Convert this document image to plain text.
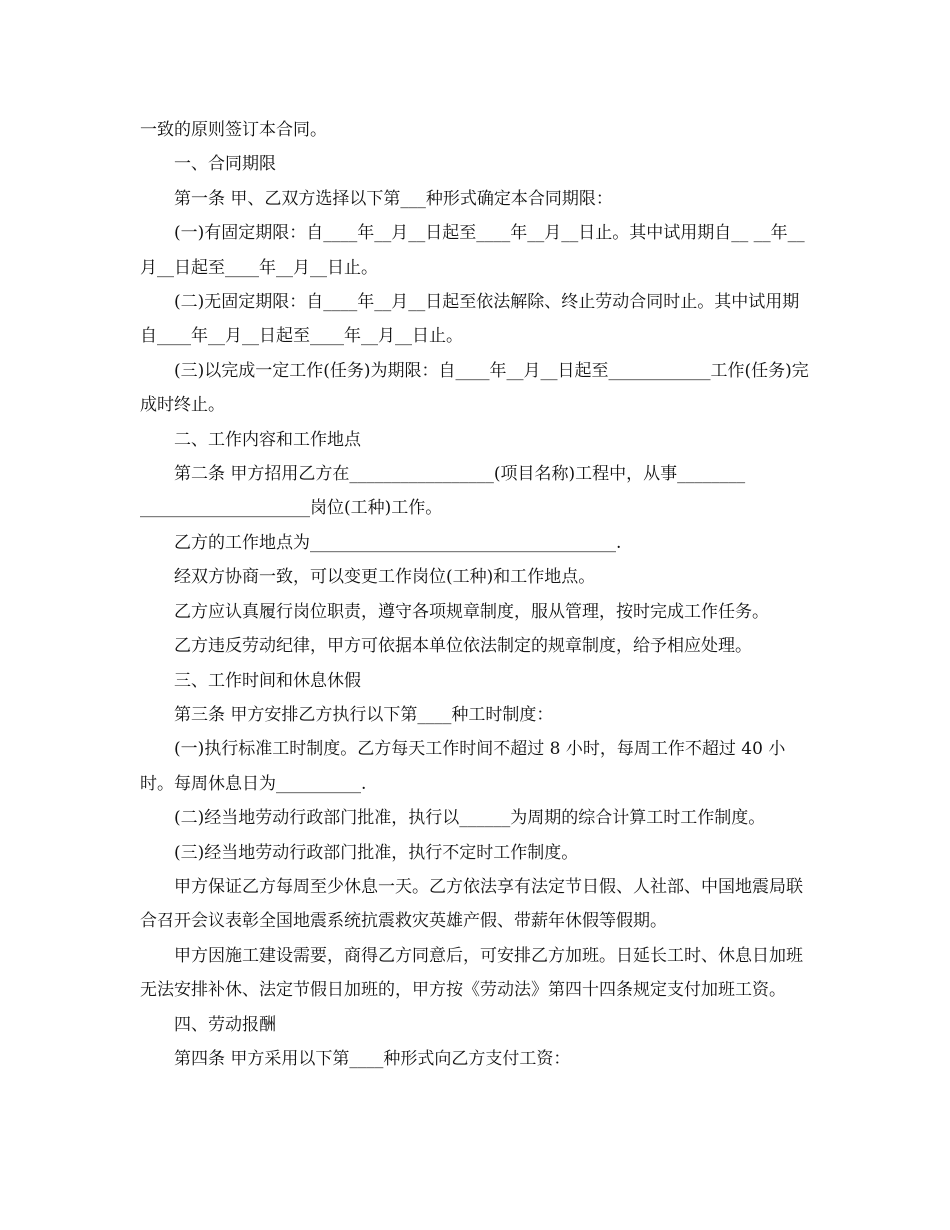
一致的原则签订本合同。

一、合同期限

第一条 甲、乙双方选择以下第___种形式确定本合同期限：

(一)有固定期限：自____年__月__日起至____年__月__日止。其中试用期自__ __年__月__日起至____年__月__日止。

(二)无固定期限：自____年__月__日起至依法解除、终止劳动合同时止。其中试用期自____年__月__日起至____年__月__日止。

(三)以完成一定工作(任务)为期限：自____年__月__日起至____________工作(任务)完成时终止。

二、工作内容和工作地点

第二条 甲方招用乙方在_________________(项目名称)工程中，从事________ ____________________岗位(工种)工作。

乙方的工作地点为____________________________________.

经双方协商一致，可以变更工作岗位(工种)和工作地点。

乙方应认真履行岗位职责，遵守各项规章制度，服从管理，按时完成工作任务。

乙方违反劳动纪律，甲方可依据本单位依法制定的规章制度，给予相应处理。

三、工作时间和休息休假

第三条 甲方安排乙方执行以下第____种工时制度：

(一)执行标准工时制度。乙方每天工作时间不超过 8 小时，每周工作不超过 40 小时。每周休息日为__________.

(二)经当地劳动行政部门批准，执行以______为周期的综合计算工时工作制度。

(三)经当地劳动行政部门批准，执行不定时工作制度。

甲方保证乙方每周至少休息一天。乙方依法享有法定节日假、人社部、中国地震局联合召开会议表彰全国地震系统抗震救灾英雄产假、带薪年休假等假期。

甲方因施工建设需要，商得乙方同意后，可安排乙方加班。日延长工时、休息日加班无法安排补休、法定节假日加班的，甲方按《劳动法》第四十四条规定支付加班工资。

四、劳动报酬

第四条 甲方采用以下第____种形式向乙方支付工资：
